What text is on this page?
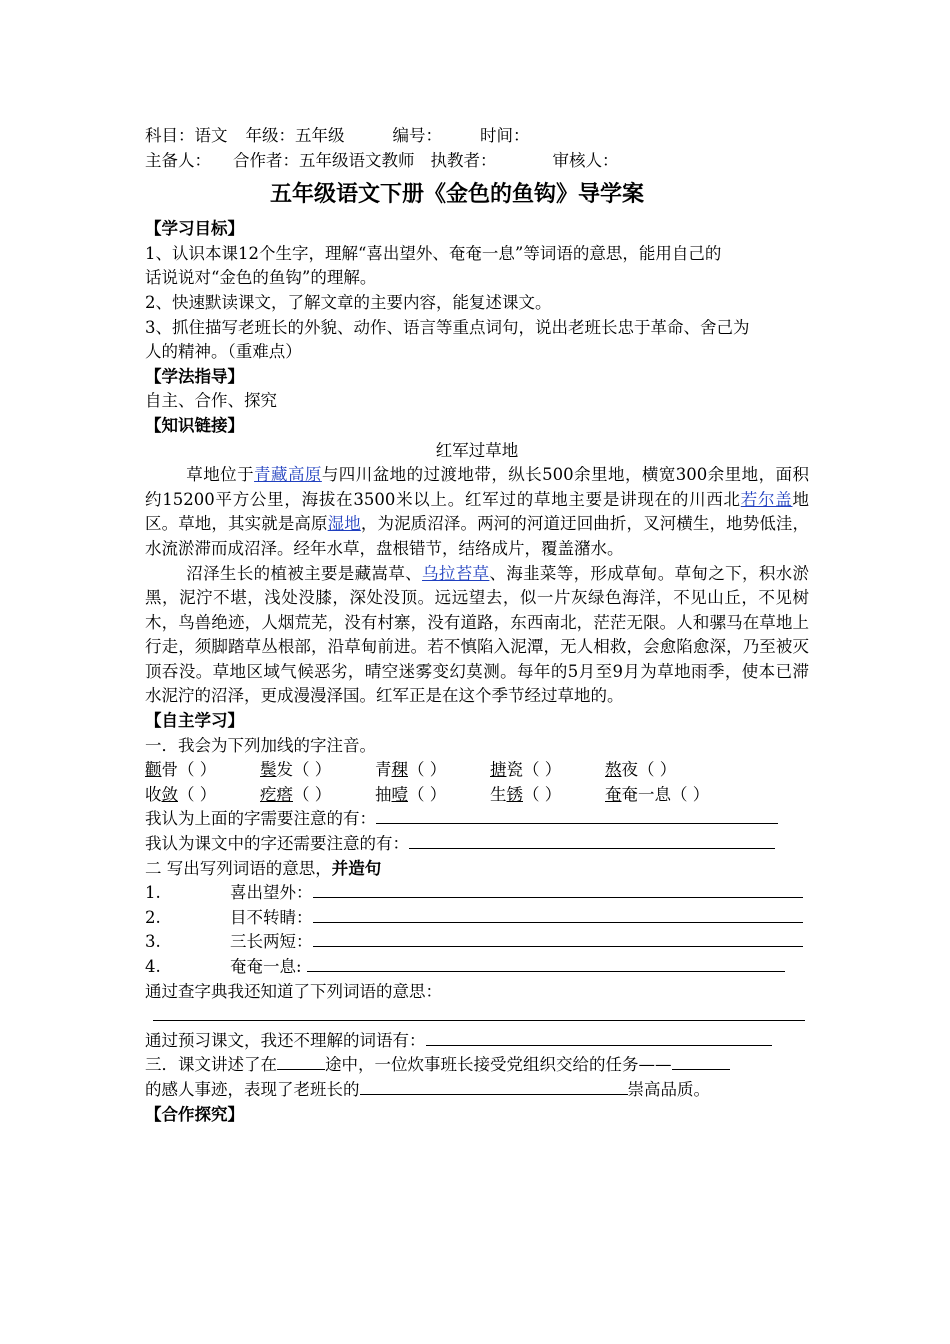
科目：语文 年级：五年级	编号： 时间：
主备人： 合作者：五年级语文教师 执教者：	审核人：
五年级语文下册《金色的鱼钩》导学案
【学习目标】
1、认识本课12个生字，理解“喜出望外、奄奄一息”等词语的意思，能用自己的
话说说对“金色的鱼钩”的理解。
2、快速默读课文，了解文章的主要内容，能复述课文。
3、抓住描写老班长的外貌、动作、语言等重点词句，说出老班长忠于革命、舍己为
人的精神。（重难点）
【学法指导】
自主、合作、探究
【知识链接】
红军过草地
草地位于青藏高原与四川盆地的过渡地带，纵长500余里地，横宽300余里地，面积约15200平方公里，海拔在3500米以上。红军过的草地主要是讲现在的川西北若尔盖地区。草地，其实就是高原湿地，为泥质沼泽。两河的河道迂回曲折，叉河横生，地势低洼，水流淤滞而成沼泽。经年水草，盘根错节，结络成片，覆盖潴水。
沼泽生长的植被主要是藏嵩草、乌拉苔草、海韭菜等，形成草甸。草甸之下，积水淤黑，泥泞不堪，浅处没膝，深处没顶。远远望去，似一片灰绿色海洋，不见山丘，不见树木，鸟兽绝迹，人烟荒芜，没有村寨，没有道路，东西南北，茫茫无限。人和骡马在草地上行走，须脚踏草丛根部，沿草甸前进。若不慎陷入泥潭，无人相救，会愈陷愈深，乃至被灭顶吞没。草地区域气候恶劣，晴空迷雾变幻莫测。每年的5月至9月为草地雨季，使本已滞水泥泞的沼泽，更成漫漫泽国。红军正是在这个季节经过草地的。
【自主学习】
一．我会为下列加线的字注音。
颧骨（ ）	鬓发（ ）	青稞（ ）	搪瓷（ ）	熬夜（ ）
收敛（ ）	疙瘩（ ）	抽噎（ ）	生锈（ ）	奄奄一息（ ）
我认为上面的字需要注意的有：
我认为课文中的字还需要注意的有：
二 写出写列词语的意思，并造句
1.	喜出望外：
2.	目不转睛：
3.	三长两短：
4.	奄奄一息:
通过查字典我还知道了下列词语的意思：
通过预习课文，我还不理解的词语有：
三．课文讲述了在	途中，一位炊事班长接受党组织交给的任务——
的感人事迹，表现了老班长的	崇高品质。
【合作探究】
